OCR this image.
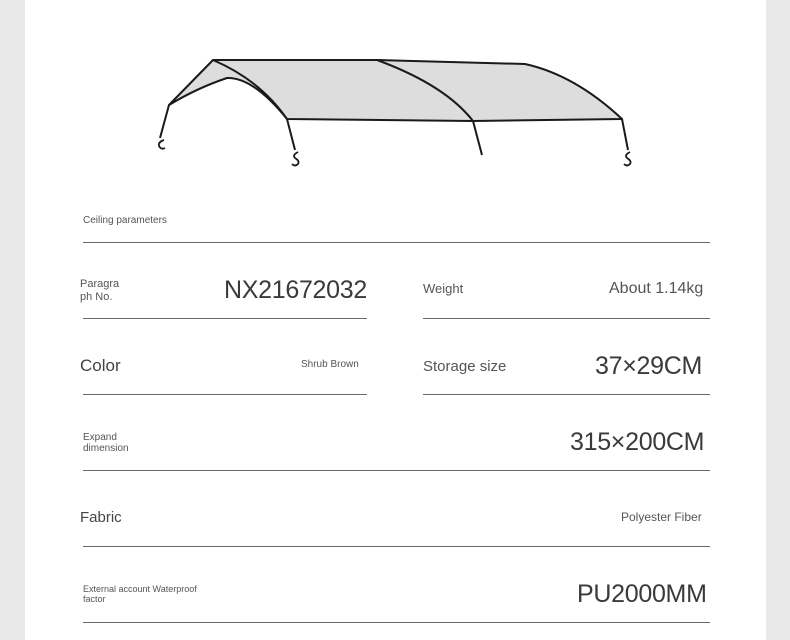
Ceiling parameters

Paragra ph No.	NX21672032	Weight	About 1.14kg

Color	Shrub Brown	Storage size	37×29CM

Expand dimension	315×200CM

Fabric	Polyester Fiber

External account Waterproof factor	PU2000MM
